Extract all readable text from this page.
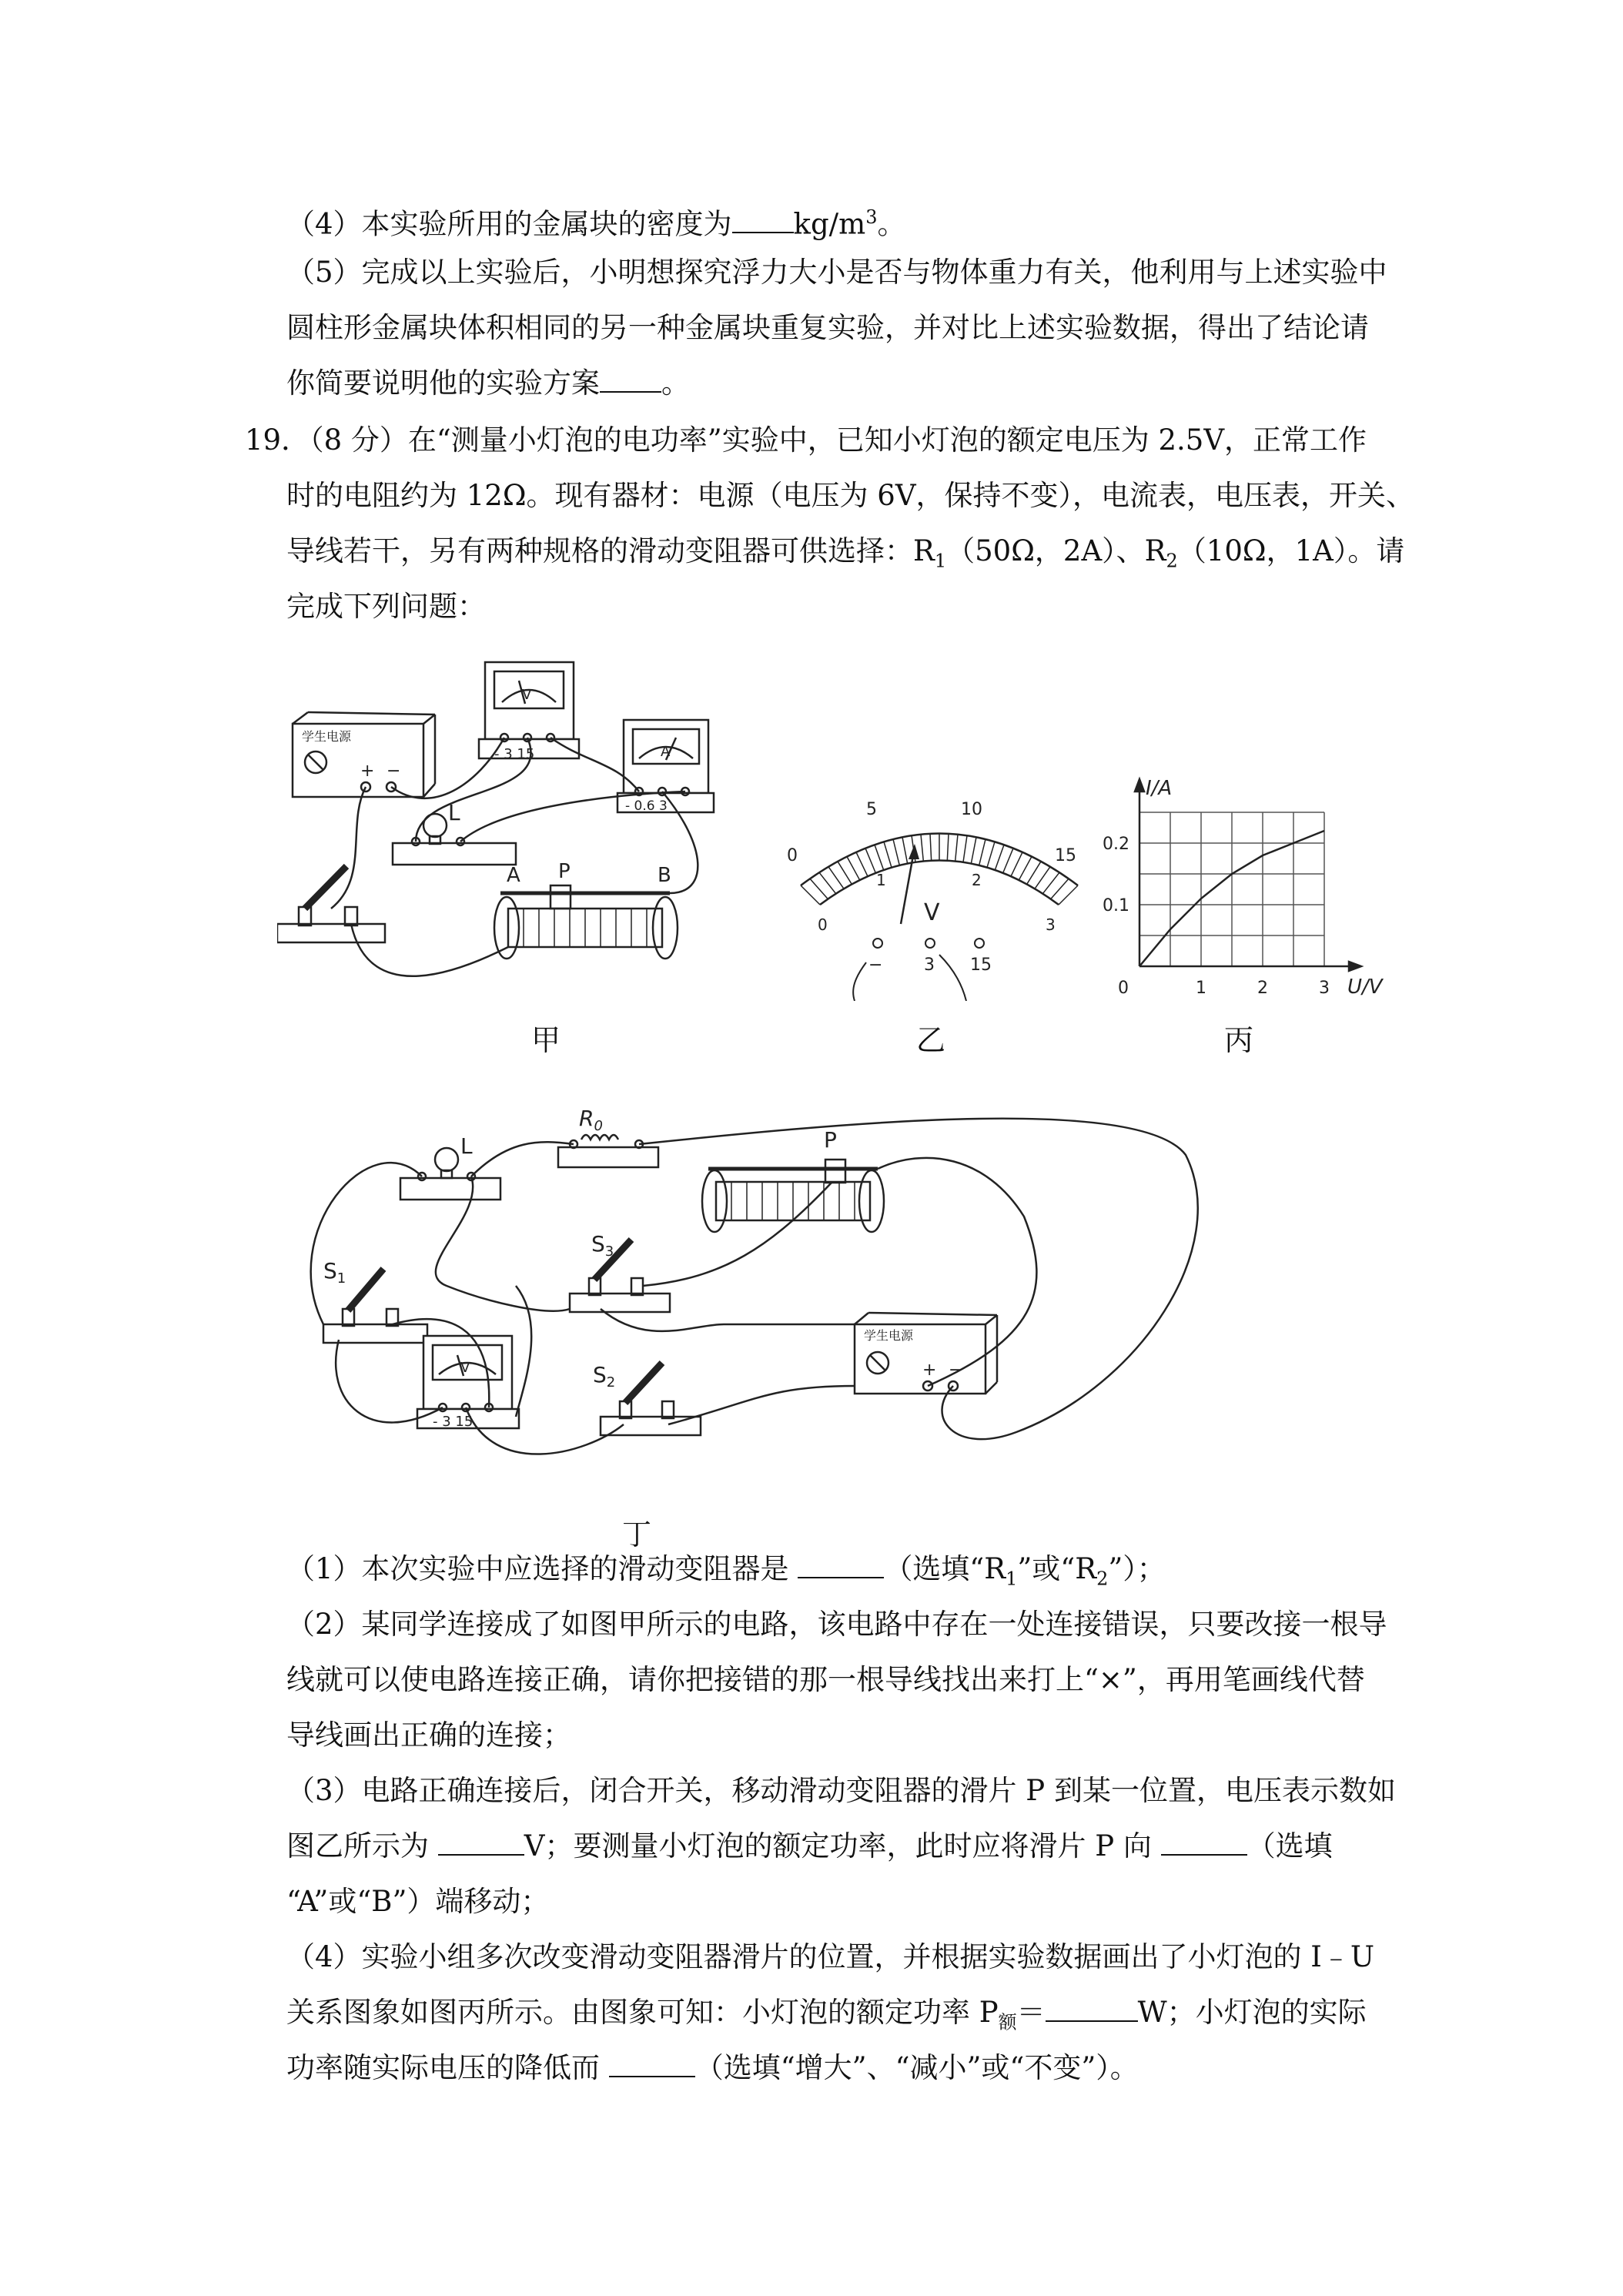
（4）本实验所用的金属块的密度为 $kg/m^3$。
（5）完成以上实验后，小明想探究浮力大小是否与物体重力有关，他利用与上述实验中
圆柱形金属块体积相同的另一种金属块重复实验，并对比上述实验数据，得出了结论请
你简要说明他的实验方案 。
19．（8 分）在“测量小灯泡的电功率”实验中，已知小灯泡的额定电压为 2.5V，正常工作
时的电阻约为 12Ω。现有器材：电源（电压为 6V，保持不变），电流表，电压表，开关、
导线若干，另有两种规格的滑动变阻器可供选择：$R_1(50\Omega$，2A）、$R_2(10\Omega$，1A）。请
完成下列问题：
学生电源
+ −
V
- 3 15	A
- 0.6 3
L
A P	B
甲
0
5	10
15
0
1	2
3
V
− 3 15
乙
I/A
U/V
0.1
0.2
0	1	2	3
丙
L
$R_0$
P
$S_1$
$S_2$
$S_3$
V
- 3 15
学生电源
+ −
丁
（1）本次实验中应选择的滑动变阻器是	（选填“$R_1$”或“$R_2$”）；
（2）某同学连接成了如图甲所示的电路，该电路中存在一处连接错误，只要改接一根导
线就可以使电路连接正确，请你把接错的那一根导线找出来打上“×”，再用笔画线代替
导线画出正确的连接；
（3）电路正确连接后，闭合开关，移动滑动变阻器的滑片 P 到某一位置，电压表示数如
图乙所示为	V；要测量小灯泡的额定功率，此时应将滑片 P 向	（选填
“A”或“B”）端移动；
（4）实验小组多次改变滑动变阻器滑片的位置，并根据实验数据画出了小灯泡的 I﹣U
关系图象如图丙所示。由图象可知：小灯泡的额定功率 $P_额=$	W；小灯泡的实际
功率随实际电压的降低而	（选填“增大”、“减小”或“不变”）。
